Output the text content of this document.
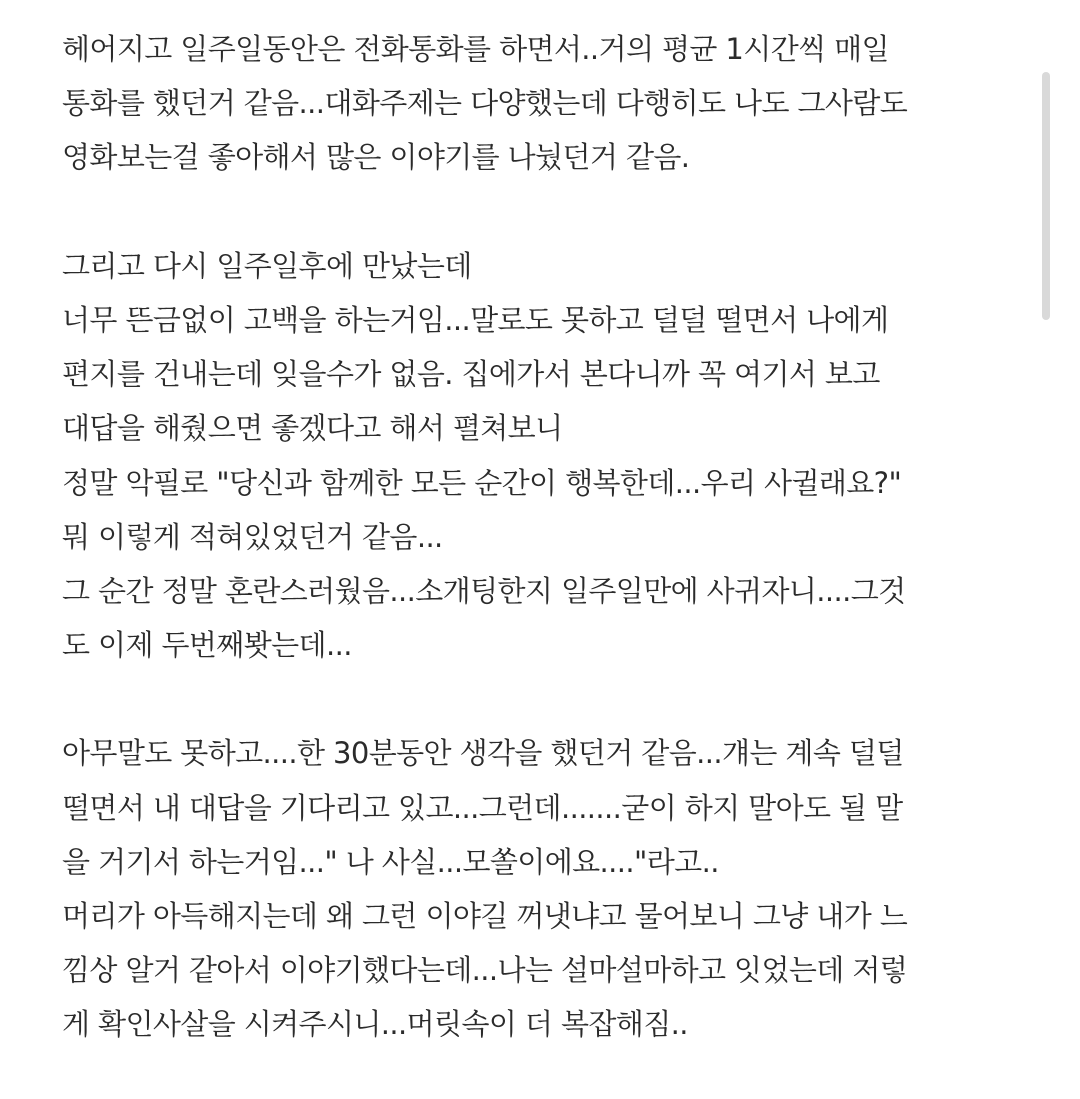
헤어지고 일주일동안은 전화통화를 하면서..거의 평균 1시간씩 매일
통화를 했던거 같음...대화주제는 다양했는데 다행히도 나도 그사람도
영화보는걸 좋아해서 많은 이야기를 나눴던거 같음.
그리고 다시 일주일후에 만났는데
너무 뜬금없이 고백을 하는거임...말로도 못하고 덜덜 떨면서 나에게
편지를 건내는데 잊을수가 없음. 집에가서 본다니까 꼭 여기서 보고
대답을 해줬으면 좋겠다고 해서 펼쳐보니
정말 악필로 "당신과 함께한 모든 순간이 행복한데...우리 사귈래요?"
뭐 이렇게 적혀있었던거 같음...
그 순간 정말 혼란스러웠음...소개팅한지 일주일만에 사귀자니....그것
도 이제 두번째봣는데...
아무말도 못하고....한 30분동안 생각을 했던거 같음...걔는 계속 덜덜
떨면서 내 대답을 기다리고 있고...그런데.......굳이 하지 말아도 될 말
을 거기서 하는거임..." 나 사실...모쏠이에요...."라고..
머리가 아득해지는데 왜 그런 이야길 꺼냇냐고 물어보니 그냥 내가 느
낌상 알거 같아서 이야기했다는데...나는 설마설마하고 잇었는데 저렇
게 확인사살을 시켜주시니...머릿속이 더 복잡해짐..
